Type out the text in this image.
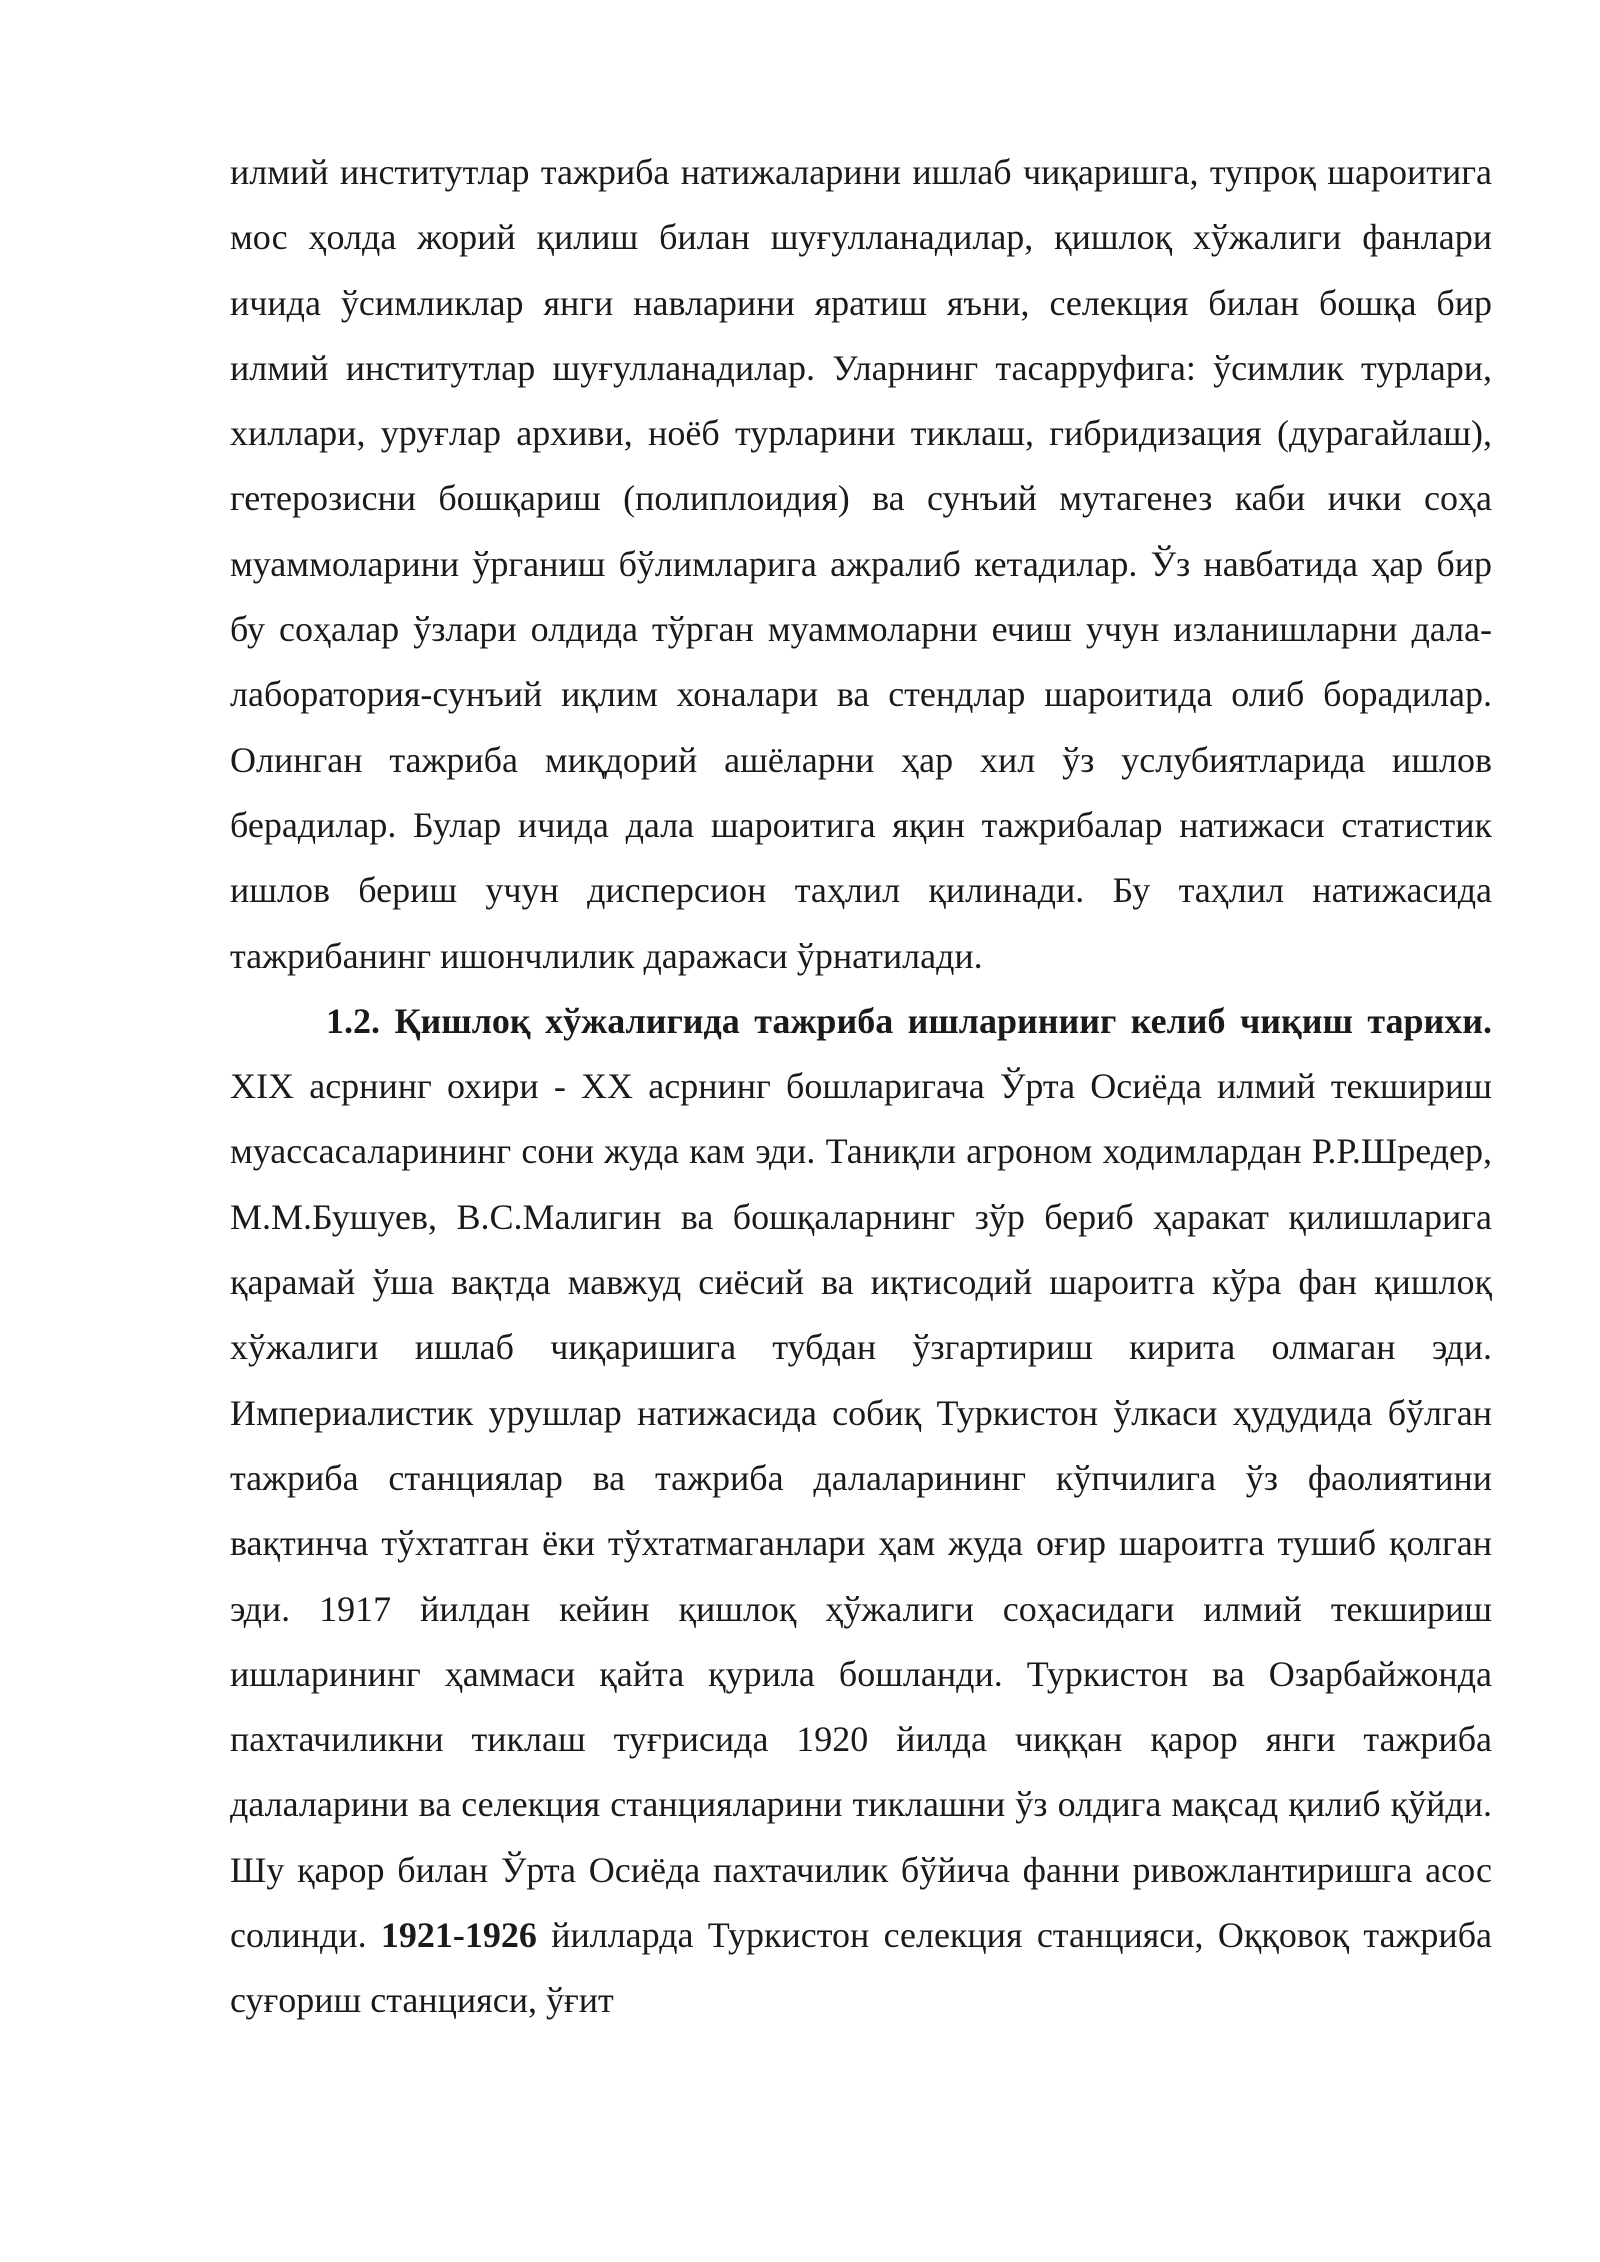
илмий институтлар тажриба натижаларини ишлаб чиқаришга, тупроқ шароитига мос ҳолда жорий қилиш билан шуғулланадилар, қишлоқ хўжалиги фанлари ичида ўсимликлар янги навларини яратиш яъни, селекция билан бошқа бир илмий институтлар шуғулланадилар. Уларнинг тасарруфига: ўсимлик турлари, хиллари, уруғлар архиви, ноёб турларини тиклаш, гибридизация (дурагайлаш), гетерозисни бошқариш (полиплоидия) ва сунъий мутагенез каби ички соҳа муаммоларини ўрганиш бўлимларига ажралиб кетадилар. Ўз навбатида ҳар бир бу соҳалар ўзлари олдида тўрган муаммоларни ечиш учун изланишларни дала-лаборатория-сунъий иқлим хоналари ва стендлар шароитида олиб борадилар. Олинган тажриба миқдорий ашёларни ҳар хил ўз услубиятларида ишлов берадилар. Булар ичида дала шароитига яқин тажрибалар натижаси статистик ишлов бериш учун дисперсион таҳлил қилинади. Бу таҳлил натижасида тажрибанинг ишончлилик даражаси ўрнатилади.

1.2. Қишлоқ хўжалигида тажриба ишларинииг келиб чиқиш тарихи. XIX асрнинг охири - XX асрнинг бошларигача Ўрта Осиёда илмий текшириш муассасаларининг сони жуда кам эди. Таниқли агроном ходимлардан Р.Р.Шредер, М.М.Бушуев, В.С.Малигин ва бошқаларнинг зўр бериб ҳаракат қилишларига қарамай ўша вақтда мавжуд сиёсий ва иқтисодий шароитга кўра фан қишлоқ хўжалиги ишлаб чиқаришига тубдан ўзгартириш кирита олмаган эди. Империалистик урушлар натижасида собиқ Туркистон ўлкаси ҳудудида бўлган тажриба станциялар ва тажриба далаларининг кўпчилига ўз фаолиятини вақтинча тўхтатган ёки тўхтатмаганлари ҳам жуда оғир шароитга тушиб қолган эди. 1917 йилдан кейин қишлоқ ҳўжалиги соҳасидаги илмий текшириш ишларининг ҳаммаси қайта қурила бошланди. Туркистон ва Озарбайжонда пахтачиликни тиклаш туғрисида 1920 йилда чиққан қарор янги тажриба далаларини ва селекция станцияларини тиклашни ўз олдига мақсад қилиб қўйди. Шу қарор билан Ўрта Осиёда пахтачилик бўйича фанни ривожлантиришга асос солинди. 1921-1926 йилларда Туркистон селекция станцияси, Оққовоқ тажриба суғориш станцияси, ўғит
